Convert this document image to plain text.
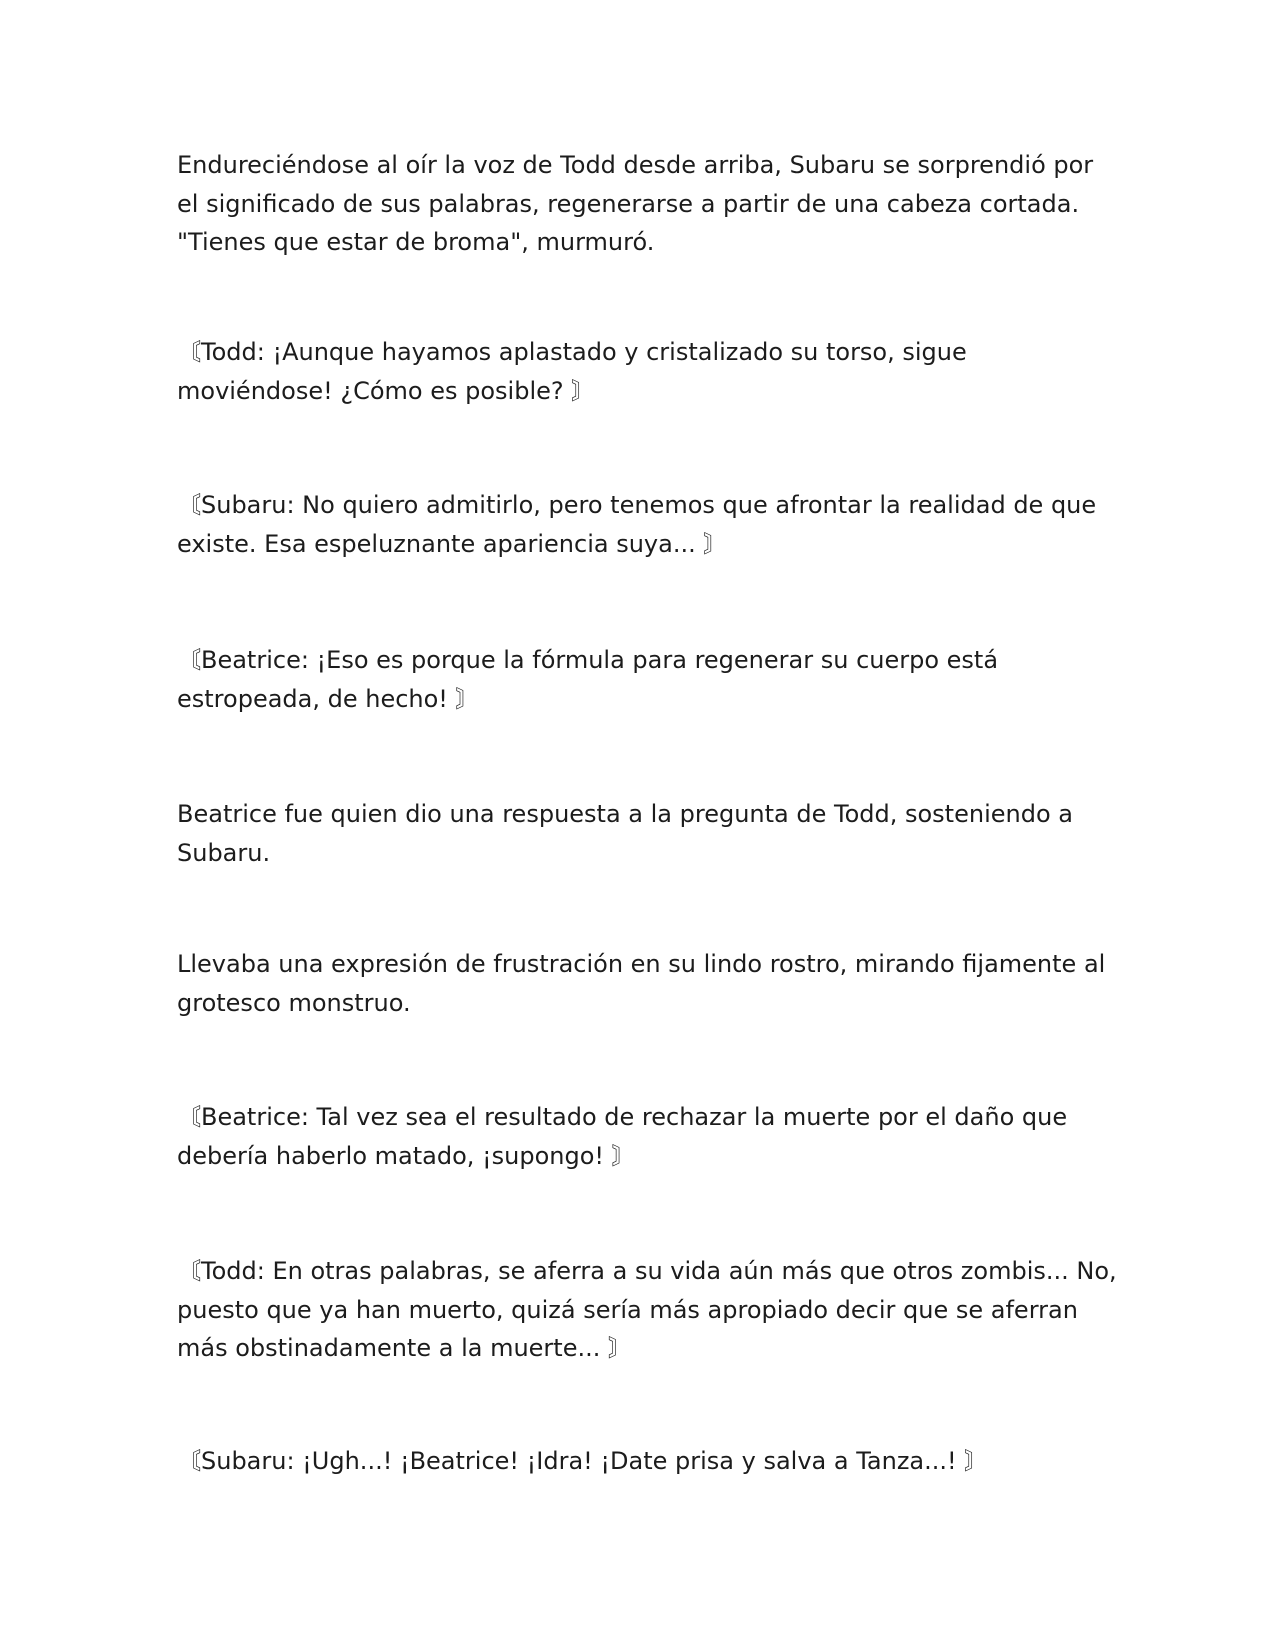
Endureciéndose al oír la voz de Todd desde arriba, Subaru se sorprendió por
el significado de sus palabras, regenerarse a partir de una cabeza cortada.
"Tienes que estar de broma", murmuró.

〘Todd: ¡Aunque hayamos aplastado y cristalizado su torso, sigue
moviéndose! ¿Cómo es posible? 〙

〘Subaru: No quiero admitirlo, pero tenemos que afrontar la realidad de que
existe. Esa espeluznante apariencia suya... 〙

〘Beatrice: ¡Eso es porque la fórmula para regenerar su cuerpo está
estropeada, de hecho! 〙

Beatrice fue quien dio una respuesta a la pregunta de Todd, sosteniendo a
Subaru.

Llevaba una expresión de frustración en su lindo rostro, mirando fijamente al
grotesco monstruo.

〘Beatrice: Tal vez sea el resultado de rechazar la muerte por el daño que
debería haberlo matado, ¡supongo! 〙

〘Todd: En otras palabras, se aferra a su vida aún más que otros zombis... No,
puesto que ya han muerto, quizá sería más apropiado decir que se aferran
más obstinadamente a la muerte... 〙

〘Subaru: ¡Ugh...! ¡Beatrice! ¡Idra! ¡Date prisa y salva a Tanza...! 〙
